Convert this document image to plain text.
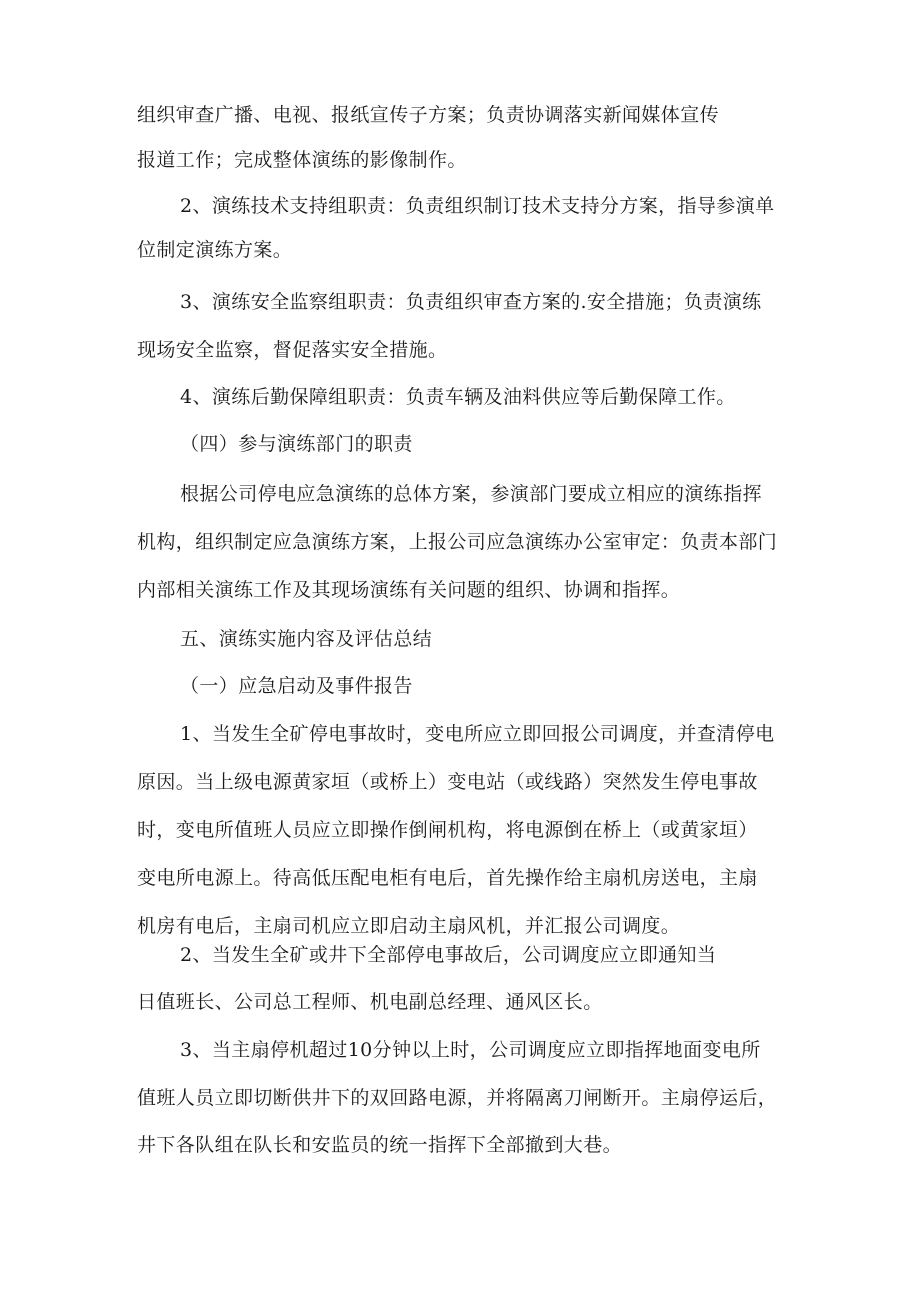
组织审查广播、电视、报纸宣传子方案；负责协调落实新闻媒体宣传
报道工作；完成整体演练的影像制作。
2、演练技术支持组职责：负责组织制订技术支持分方案，指导参演单
位制定演练方案。
3、演练安全监察组职责：负责组织审查方案的.安全措施；负责演练
现场安全监察，督促落实安全措施。
4、演练后勤保障组职责：负责车辆及油料供应等后勤保障工作。
（四）参与演练部门的职责
根据公司停电应急演练的总体方案，参演部门要成立相应的演练指挥
机构，组织制定应急演练方案，上报公司应急演练办公室审定：负责本部门
内部相关演练工作及其现场演练有关问题的组织、协调和指挥。
五、演练实施内容及评估总结
（一）应急启动及事件报告
1、当发生全矿停电事故时，变电所应立即回报公司调度，并查清停电
原因。当上级电源黄家垣（或桥上）变电站（或线路）突然发生停电事故
时，变电所值班人员应立即操作倒闸机构，将电源倒在桥上（或黄家垣）
变电所电源上。待高低压配电柜有电后，首先操作给主扇机房送电，主扇
机房有电后，主扇司机应立即启动主扇风机，并汇报公司调度。
2、当发生全矿或井下全部停电事故后，公司调度应立即通知当
日值班长、公司总工程师、机电副总经理、通风区长。
3、当主扇停机超过10分钟以上时，公司调度应立即指挥地面变电所
值班人员立即切断供井下的双回路电源，并将隔离刀闸断开。主扇停运后，
井下各队组在队长和安监员的统一指挥下全部撤到大巷。
